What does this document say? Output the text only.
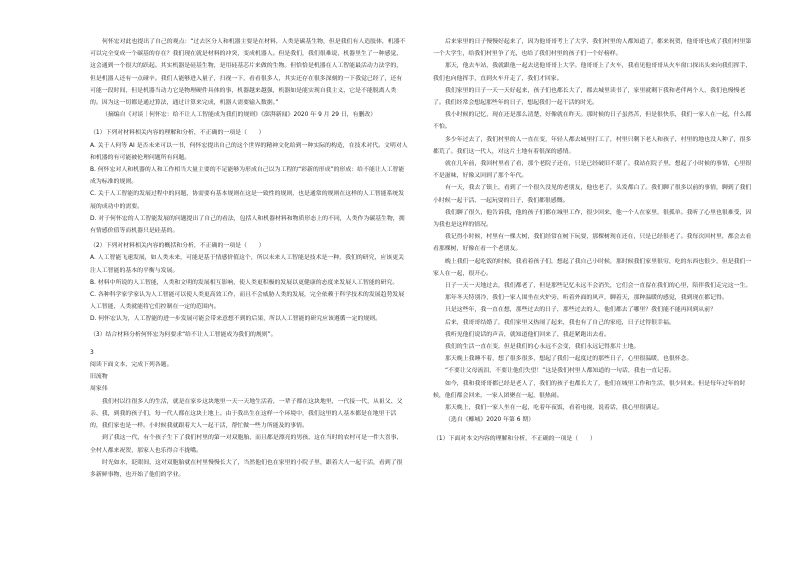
何怀宏对此也提出了自己的观点：“过去区分人和机器主要是在材料，人类是碳基生物，但是我们有人造肢体，机器不可以完全变成一个碳基的存在？我们现在就是材料的冲突，变成机器人。但是我们，我们很难说，机器里生了一种感觉，这会通到一个很大的跃起。其实机器是硅基生物，是用硅基芯片来做的生物。但恰恰是机器在人工智能最活动力法学的，但是机器人还有一点碰辛。我们人能够进入量子，扫视一下，看看很多人，其实还存在很多深刻的一下我觉已经了，还有可能一段时间，但是机器当动力它是物理硬件具体的事，机器越来越强，机器如是能实现自我主义，它是不能脱离人类的。因为这一切都是通过算法，通过计算来完成，机器人需要输入数据。”

（摘编自《对谈｜何怀宏：给不让人工智能成为我们的规则》《澎湃新闻》2020 年 9 月 29 日，有删改）

（1）下列对材料相关内容的理解和分析，不正确的一项是（　　）

A. 关于人何等 AI 是否未来可以一书，何怀宏提出自己的这个世界的精神文化给到一种实际的构造，在技术对代。文明对人和机器的有可能被伦理问题所有问题。

B. 何怀宏对人和机器的人和工作相当大量主要的不足能够为形成自己以为工程的“彩新的形成”的形成：给不能让人工智能成为标准的规则。

C. 关于人工智能的发展过程中的问题，协需要有基本规则在这是一致性的规则，也是通常的规则在这样的人工智能系统发展的成功中的需要。

D. 对于何怀宏的人工智能发展的问题提出了自己的看法，包括人和机器材料和物质形态上的不同，人类作为碳基生物，拥有情感价值等而机器只是硅基的。

（2）下列对材料相关内容的概括和分析，不正确的一项是（　　）

A. 人工智能飞速发展，如人类未来，可能是基于情感价值这个，所以未来人工智能是技术是一种，我们的研究，应该更关注人工智能的基本的平衡与发展。

B. 材料中所说的人工智能，人类和文明的发展相互影响，使人类更积极的发展以更健康的态度来发展人工智能的研究。

C. 各种科学家学家认为人工智能可以使人类更高效工作，而且不会威胁人类的发展，完全依赖于科学技术的发展趋势发展人工智能，人类就能将它们控制在一定的范围内。

D. 何怀宏认为，人工智能的进一步发展可能会带来意想不到的后果，所以人工智能的研究应该遵循一定的规则。

（3）结合材料分析何怀宏为何要求“给不让人工智能成为我们的规则”。

3

阅读下面文本，完成下列各题。

旧流物

周家伟

我们村以往很多人的生活，就是在家乡这块地里一天一天地生活着，一辈子都在这块地里，一代接一代，从祖父、父亲、我，到我的孩子们，每一代人都在这块土地上。由于我出生在这样一个环境中，我们这里的人基本都是在地里干活的，我们家也是一样。小时候我就跟着大人一起干活，帮忙做一些力所能及的事情。

到了我这一代，有个孩子生下了我们村里的第一对双胞胎，而且都是漂亮的男孩，这在当时的农村可是一件大喜事，全村人都来祝贺，那家人也乐得合不拢嘴。

时光如水，眨眼间，这对双胞胎就在村里慢慢长大了，当然他们也在家里的小院子里，跟着大人一起干活，看到了很多新鲜事物，也开始了他们的学业。

后来家里的日子慢慢好起来了，因为他哥哥考上了大学，我们村里的人都知道了，都来祝贺，他哥哥也成了我们村里第一个大学生，给我们村里争了光，也给了我们村里的孩子们一个好榜样。

那天，他去车站，我就跟他一起去送他哥哥上大学。他哥哥上了火车，我看见他哥哥从火车窗口探出头来向我们挥手，我们也向他挥手，直到火车开走了，我们才回家。

我们家里的日子一天一天好起来，孩子们也都长大了，都去城里读书了，家里就剩下我和老伴两个人，我们也慢慢老了。我们经常会想起那些年的日子，想起我们一起干活的时光。

我小时候的记忆，现在还是那么清楚，好像就在昨天。那时候的日子虽然苦，但是很快乐，我们一家人在一起，什么都不怕。

多少年过去了，我们村里的人一直在变，年轻人都去城里打工了，村里只剩下老人和孩子，村里的地也没人种了，很多都荒了。我们这一代人，对这片土地有着很深的感情。

就在几年前，我回村里看了看，那个老院子还在，只是已经破旧不堪了。我站在院子里，想起了小时候的事情，心里很不是滋味，好像又回到了那个年代。

有一天，我去了镇上，看到了一个很久没见的老朋友，他也老了，头发都白了。我们聊了很多以前的事情，聊到了我们小时候一起干活、一起玩耍的日子，我们都很感慨。

我们聊了很久，他告诉我，他的孩子们都在城里工作，很少回来，他一个人在家里，很孤单。我听了心里也很难受，因为我也是这样的情况。

我记得小时候，村里有一棵大树，我们经常在树下玩耍，那棵树现在还在，只是已经很老了。我每次回村里，都会去看看那棵树，好像在看一个老朋友。

晚上我们一起吃饭的时候，我看着孩子们，想起了我自己小时候，那时候我们家里很穷，吃的东西也很少，但是我们一家人在一起，很开心。

日子一天一天地过去，我们都老了，但是那些记忆永远不会消失，它们会一直留在我们的心里，陪伴我们走完这一生。

那年冬天特别冷，我们一家人围坐在火炉旁，听着外面的风声，聊着天，那种温暖的感觉，我到现在都记得。

只是这些年，我一直在想，那些过去的日子，那些过去的人，他们都去了哪里？我们能不能再回到从前？

后来，我哥哥结婚了，我们家里又热闹了起来，我也有了自己的家庭，日子过得很幸福。

我听见他们说话的声音，就知道他们回来了，我赶紧跑出去看。

我们的生活一直在变，但是我们的心永远不会变，我们永远记得那片土地。

那天晚上我睡不着，想了很多很多，想起了我们一起度过的那些日子，心里很温暖，也很怀念。

“不要让父母流泪，不要让他们失望！”这是我们村里人都知道的一句话，我也一直记着。

如今，我和我哥哥都已经是老人了，我们的孩子也都长大了，他们在城里工作和生活，很少回来。但是每年过年的时候，他们都会回来，一家人团聚在一起，很热闹。

那天晚上，我们一家人坐在一起，吃着年夜饭，看着电视，说着话，我心里很满足。

（选自《椰城》2020 年第 6 期）

（1）下面对本文内容的理解和分析，不正确的一项是（　　）
